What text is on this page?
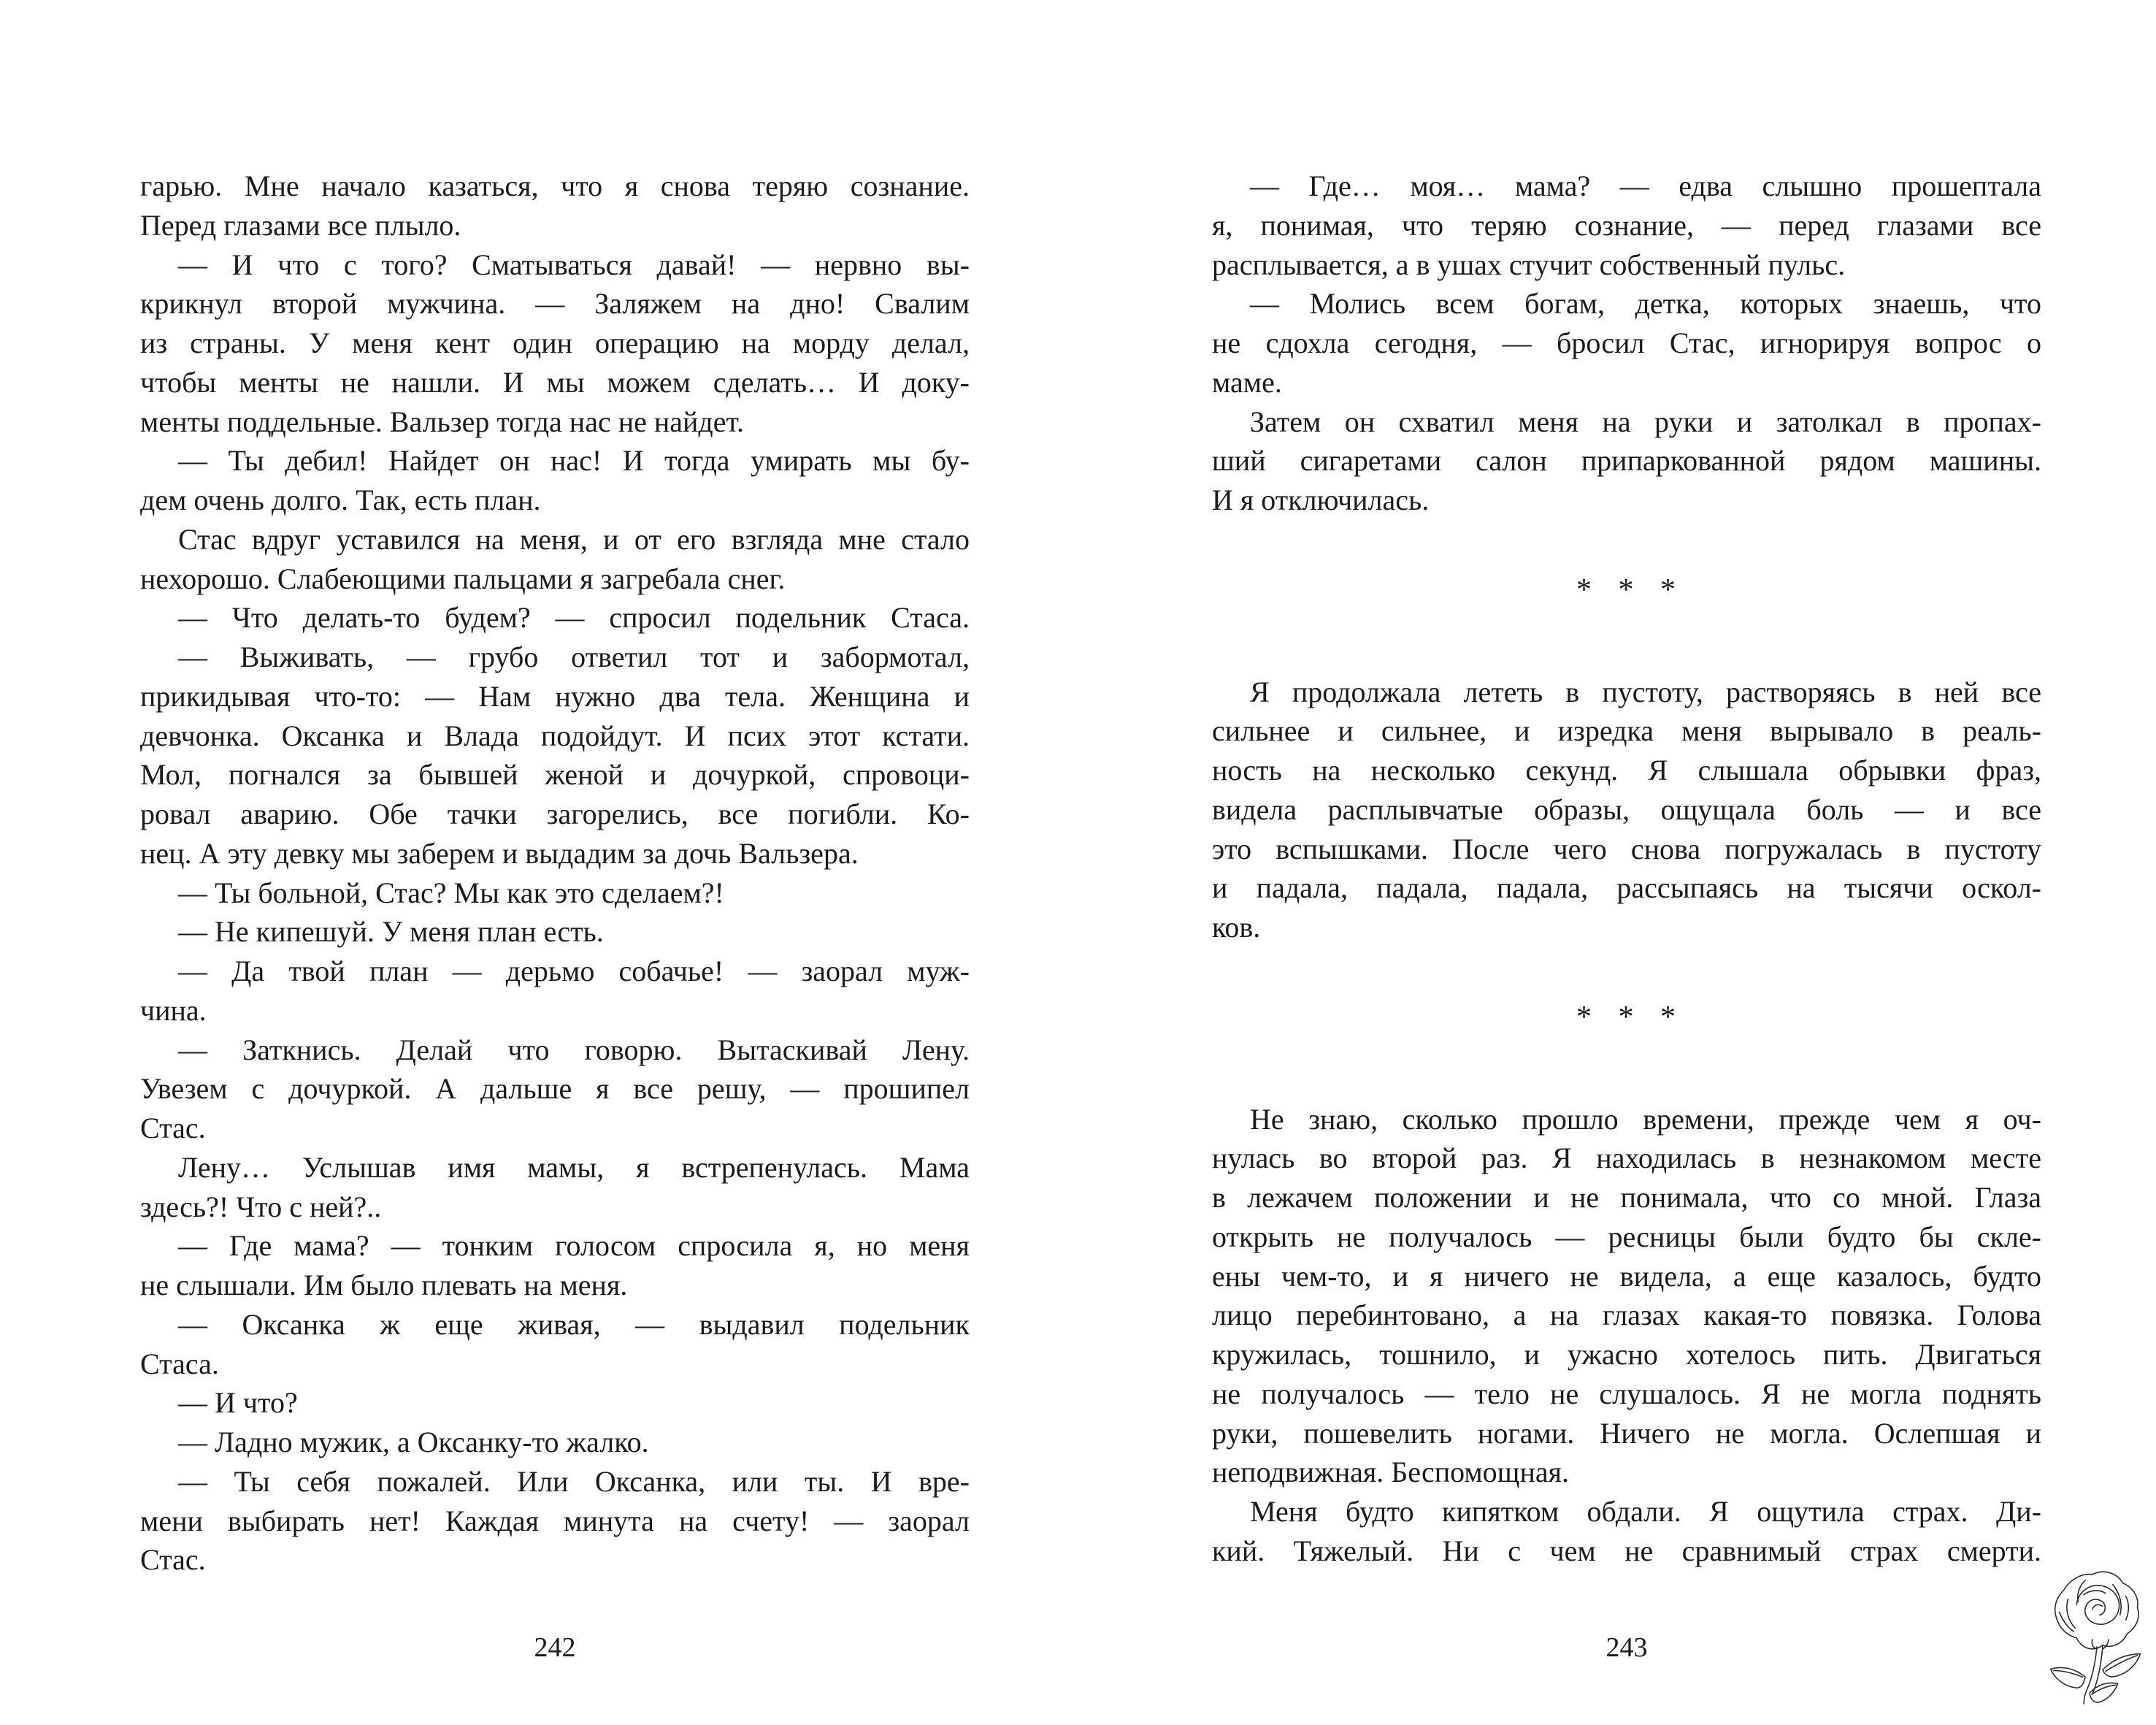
гарью. Мне начало казаться, что я снова теряю сознание.
Перед глазами все плыло.
— И что с того? Сматываться давай! — нервно вы-
крикнул второй мужчина. — Заляжем на дно! Свалим
из страны. У меня кент один операцию на морду делал,
чтобы менты не нашли. И мы можем сделать… И доку-
менты поддельные. Вальзер тогда нас не найдет.
— Ты дебил! Найдет он нас! И тогда умирать мы бу-
дем очень долго. Так, есть план.
Стас вдруг уставился на меня, и от его взгляда мне стало
нехорошо. Слабеющими пальцами я загребала снег.
— Что делать-то будем? — спросил подельник Стаса.
— Выживать, — грубо ответил тот и забормотал,
прикидывая что-то: — Нам нужно два тела. Женщина и
девчонка. Оксанка и Влада подойдут. И псих этот кстати.
Мол, погнался за бывшей женой и дочуркой, спровоци-
ровал аварию. Обе тачки загорелись, все погибли. Ко-
нец. А эту девку мы заберем и выдадим за дочь Вальзера.
— Ты больной, Стас? Мы как это сделаем?!
— Не кипешуй. У меня план есть.
— Да твой план — дерьмо собачье! — заорал муж-
чина.
— Заткнись. Делай что говорю. Вытаскивай Лену.
Увезем с дочуркой. А дальше я все решу, — прошипел
Стас.
Лену… Услышав имя мамы, я встрепенулась. Мама
здесь?! Что с ней?..
— Где мама? — тонким голосом спросила я, но меня
не слышали. Им было плевать на меня.
— Оксанка ж еще живая, — выдавил подельник
Стаса.
— И что?
— Ладно мужик, а Оксанку-то жалко.
— Ты себя пожалей. Или Оксанка, или ты. И вре-
мени выбирать нет! Каждая минута на счету! — заорал
Стас.
— Где… моя… мама? — едва слышно прошептала
я, понимая, что теряю сознание, — перед глазами все
расплывается, а в ушах стучит собственный пульс.
— Молись всем богам, детка, которых знаешь, что
не сдохла сегодня, — бросил Стас, игнорируя вопрос о
маме.
Затем он схватил меня на руки и затолкал в пропах-
ший сигаретами салон припаркованной рядом машины.
И я отключилась.
* * *
Я продолжала лететь в пустоту, растворяясь в ней все
сильнее и сильнее, и изредка меня вырывало в реаль-
ность на несколько секунд. Я слышала обрывки фраз,
видела расплывчатые образы, ощущала боль — и все
это вспышками. После чего снова погружалась в пустоту
и падала, падала, падала, рассыпаясь на тысячи оскол-
ков.
* * *
Не знаю, сколько прошло времени, прежде чем я оч-
нулась во второй раз. Я находилась в незнакомом месте
в лежачем положении и не понимала, что со мной. Глаза
открыть не получалось — ресницы были будто бы скле-
ены чем-то, и я ничего не видела, а еще казалось, будто
лицо перебинтовано, а на глазах какая-то повязка. Голова
кружилась, тошнило, и ужасно хотелось пить. Двигаться
не получалось — тело не слушалось. Я не могла поднять
руки, пошевелить ногами. Ничего не могла. Ослепшая и
неподвижная. Беспомощная.
Меня будто кипятком обдали. Я ощутила страх. Ди-
кий. Тяжелый. Ни с чем не сравнимый страх смерти.
242	243
